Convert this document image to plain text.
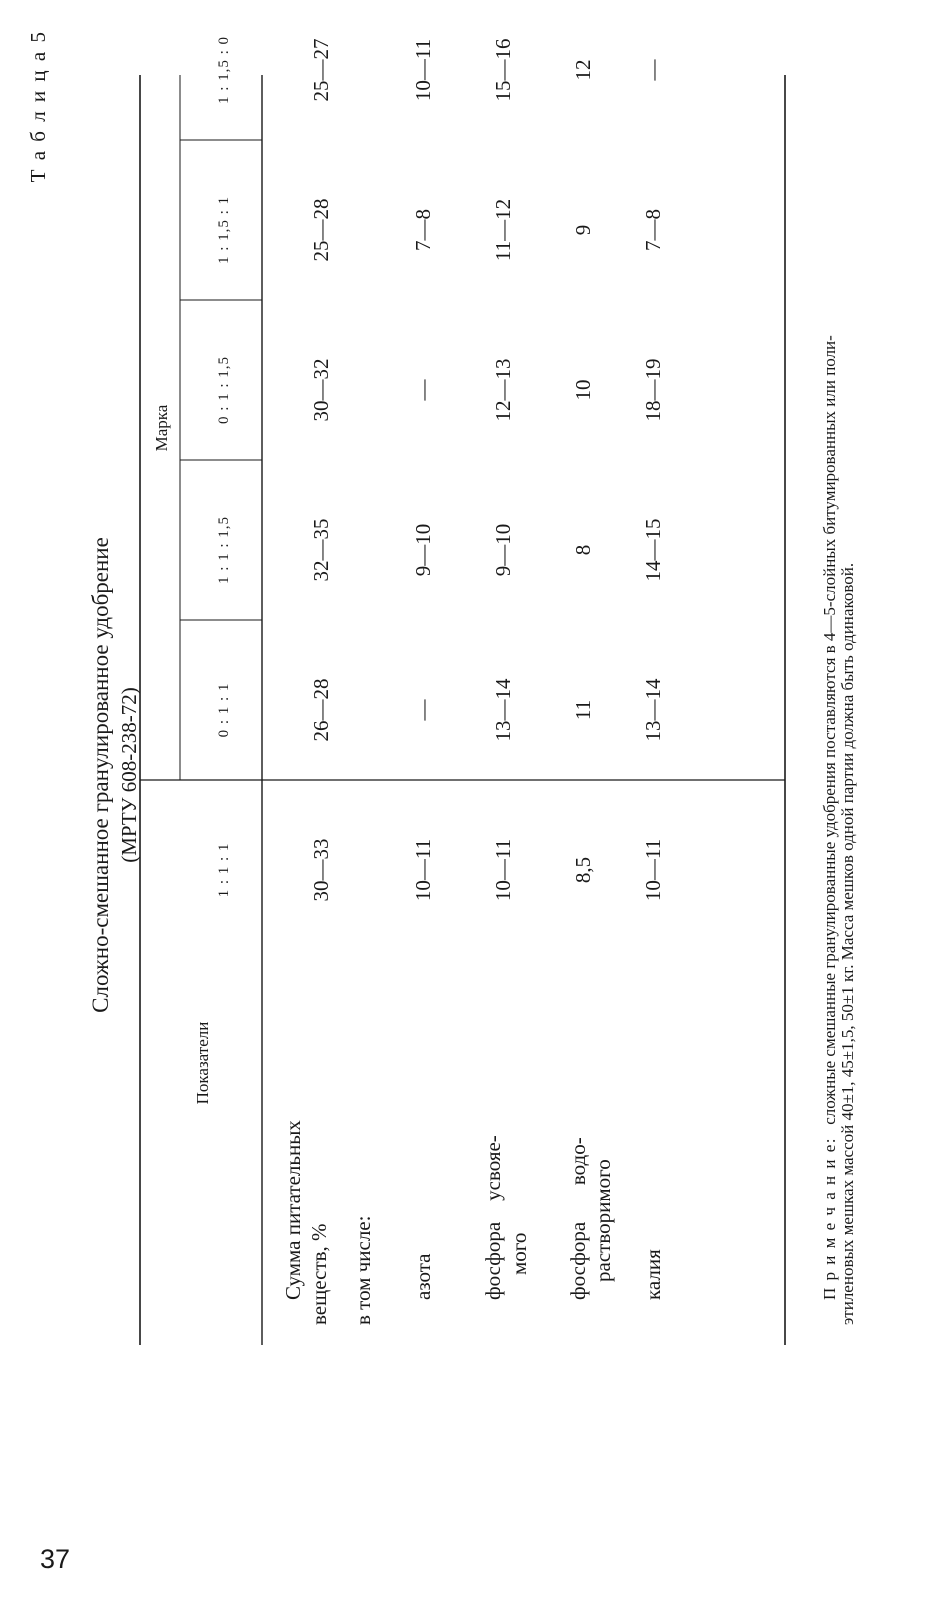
37
Т а б л и ц а 5
Сложно-смешанное гранулированное удобрение (МРТУ 608-238-72)
Показатели
Марка
1 : 1 : 1
0 : 1 : 1
1 : 1 : 1,5
0 : 1 : 1,5
1 : 1,5 : 1
1 : 1,5 : 0
Сумма питательных веществ, %
30—33
26—28
32—35
30—32
25—28
25—27
в том числе: азота
10—11
—
9—10
—
7—8
10—11
фосфора    усвояе- мого
10—11
13—14
9—10
12—13
11—12
15—16
фосфора       водо- растворимого
8,5
11
8
10
9
12
калия
10—11
13—14
14—15
18—19
7—8
—
П р и м е ч а н и е: сложные смешанные гранулированные удобрения поставляются в 4—5-слойных битумированных или поли- этиленовых мешках массой 40±1, 45±1,5, 50±1 кг. Масса мешков одной партии должна быть одинаковой.
